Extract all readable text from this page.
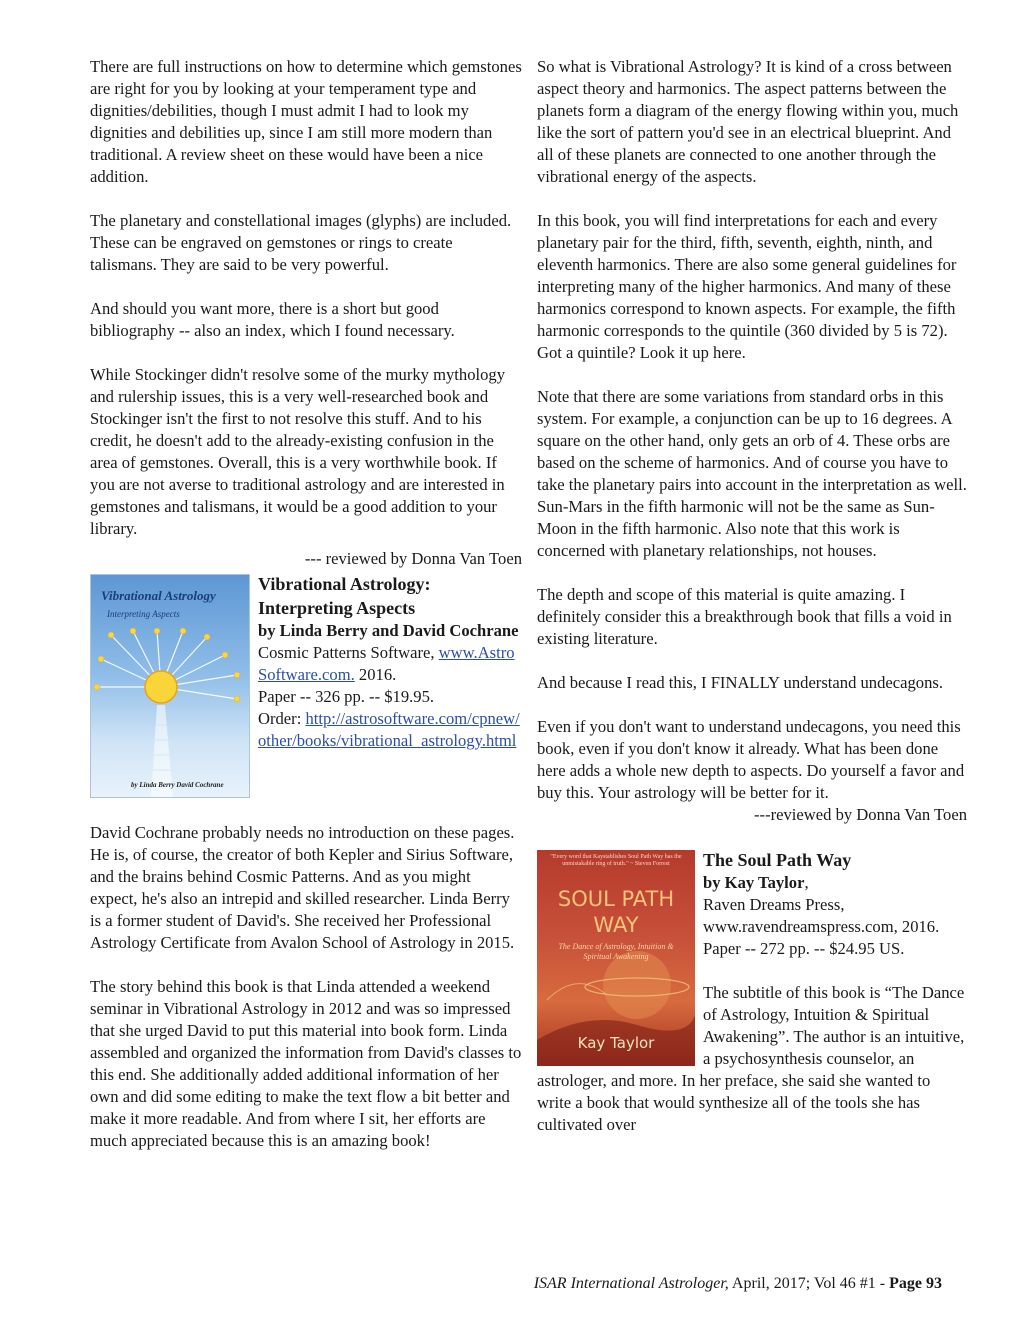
There are full instructions on how to determine which gemstones are right for you by looking at your temperament type and dignities/debilities, though I must admit I had to look my dignities and debilities up, since I am still more modern than traditional. A review sheet on these would have been a nice addition.

The planetary and constellational images (glyphs) are included. These can be engraved on gemstones or rings to create talismans. They are said to be very powerful.

And should you want more, there is a short but good bibliography -- also an index, which I found necessary.

While Stockinger didn't resolve some of the murky mythology and rulership issues, this is a very well-researched book and Stockinger isn't the first to not resolve this stuff. And to his credit, he doesn't add to the already-existing confusion in the area of gemstones. Overall, this is a very worthwhile book. If you are not averse to traditional astrology and are interested in gemstones and talismans, it would be a good addition to your library.

--- reviewed by Donna Van Toen

Vibrational Astrology
Interpreting Aspects
by Linda Berry David Cochrane
Vibrational Astrology: Interpreting Aspects
by Linda Berry and David Cochrane
Cosmic Patterns Software, www.AstroSoftware.com. 2016.
Paper -- 326 pp. -- $19.95.
Order: http://astrosoftware.com/cpnew/other/books/vibrational_astrology.html

David Cochrane probably needs no introduction on these pages. He is, of course, the creator of both Kepler and Sirius Software, and the brains behind Cosmic Patterns. And as you might expect, he's also an intrepid and skilled researcher. Linda Berry is a former student of David's. She received her Professional Astrology Certificate from Avalon School of Astrology in 2015.

The story behind this book is that Linda attended a weekend seminar in Vibrational Astrology in 2012 and was so impressed that she urged David to put this material into book form. Linda assembled and organized the information from David's classes to this end. She additionally added additional information of her own and did some editing to make the text flow a bit better and make it more readable. And from where I sit, her efforts are much appreciated because this is an amazing book!

So what is Vibrational Astrology? It is kind of a cross between aspect theory and harmonics. The aspect patterns between the planets form a diagram of the energy flowing within you, much like the sort of pattern you'd see in an electrical blueprint. And all of these planets are connected to one another through the vibrational energy of the aspects.

In this book, you will find interpretations for each and every planetary pair for the third, fifth, seventh, eighth, ninth, and eleventh harmonics. There are also some general guidelines for interpreting many of the higher harmonics. And many of these harmonics correspond to known aspects. For example, the fifth harmonic corresponds to the quintile (360 divided by 5 is 72). Got a quintile? Look it up here.

Note that there are some variations from standard orbs in this system. For example, a conjunction can be up to 16 degrees. A square on the other hand, only gets an orb of 4. These orbs are based on the scheme of harmonics. And of course you have to take the planetary pairs into account in the interpretation as well. Sun-Mars in the fifth harmonic will not be the same as Sun-Moon in the fifth harmonic. Also note that this work is concerned with planetary relationships, not houses.

The depth and scope of this material is quite amazing. I definitely consider this a breakthrough book that fills a void in existing literature.

And because I read this, I FINALLY understand undecagons.

Even if you don't want to understand undecagons, you need this book, even if you don't know it already. What has been done here adds a whole new depth to aspects. Do yourself a favor and buy this. Your astrology will be better for it.

---reviewed by Donna Van Toen

"Every word that Kaystablishes Soul Path Way has the unmistakable ring of truth." ~ Steven Forrest
SOUL PATH WAY
The Dance of Astrology, Intuition & Spiritual Awakening
Kay Taylor
The Soul Path Way
by Kay Taylor,
Raven Dreams Press, www.ravendreamspress.com, 2016.
Paper -- 272 pp. -- $24.95 US.
The subtitle of this book is “The Dance of Astrology, Intuition & Spiritual Awakening”. The author is an intuitive, a psychosynthesis counselor, an astrologer, and more. In her preface, she said she wanted to write a book that would synthesize all of the tools she has cultivated over
ISAR International Astrologer, April, 2017; Vol 46 #1 - Page 93
